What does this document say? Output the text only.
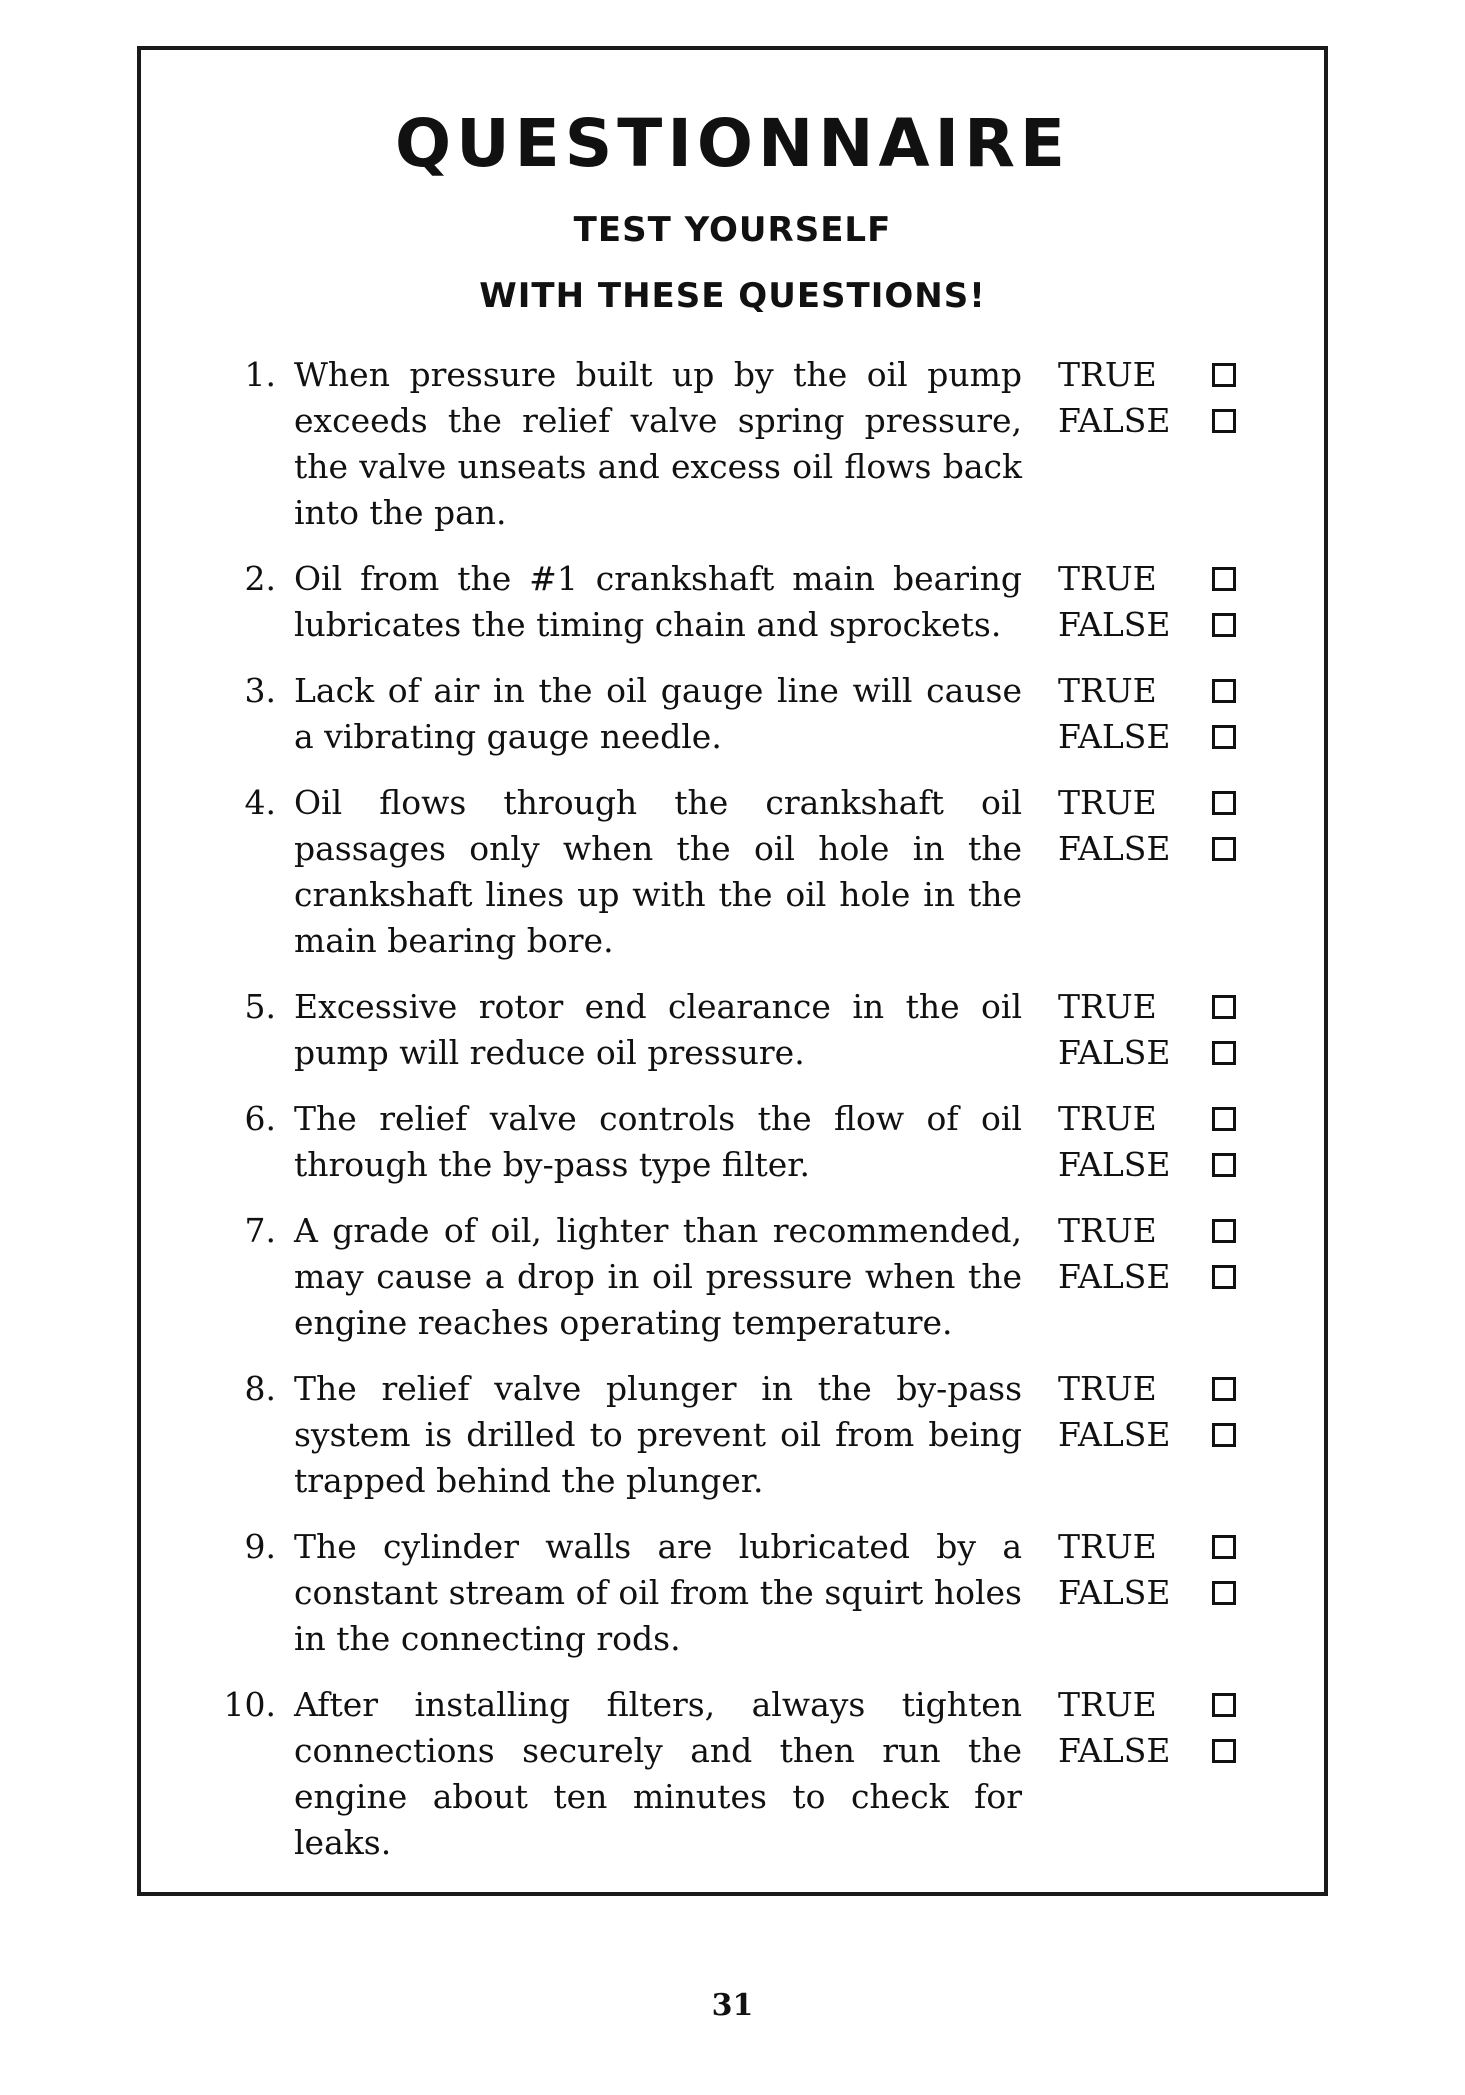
QUESTIONNAIRE
TEST YOURSELF
WITH THESE QUESTIONS!
1. When pressure built up by the oil pump exceeds the relief valve spring pressure, the valve unseats and excess oil flows back into the pan.
TRUE
FALSE
2. Oil from the #1 crankshaft main bearing lubricates the timing chain and sprockets.
TRUE
FALSE
3. Lack of air in the oil gauge line will cause a vibrating gauge needle.
TRUE
FALSE
4. Oil flows through the crankshaft oil passages only when the oil hole in the crankshaft lines up with the oil hole in the main bearing bore.
TRUE
FALSE
5. Excessive rotor end clearance in the oil pump will reduce oil pressure.
TRUE
FALSE
6. The relief valve controls the flow of oil through the by-pass type filter.
TRUE
FALSE
7. A grade of oil, lighter than recommended, may cause a drop in oil pressure when the engine reaches operating temperature.
TRUE
FALSE
8. The relief valve plunger in the by-pass system is drilled to prevent oil from being trapped behind the plunger.
TRUE
FALSE
9. The cylinder walls are lubricated by a constant stream of oil from the squirt holes in the connecting rods.
TRUE
FALSE
10. After installing filters, always tighten connections securely and then run the engine about ten minutes to check for leaks.
TRUE
FALSE
31
